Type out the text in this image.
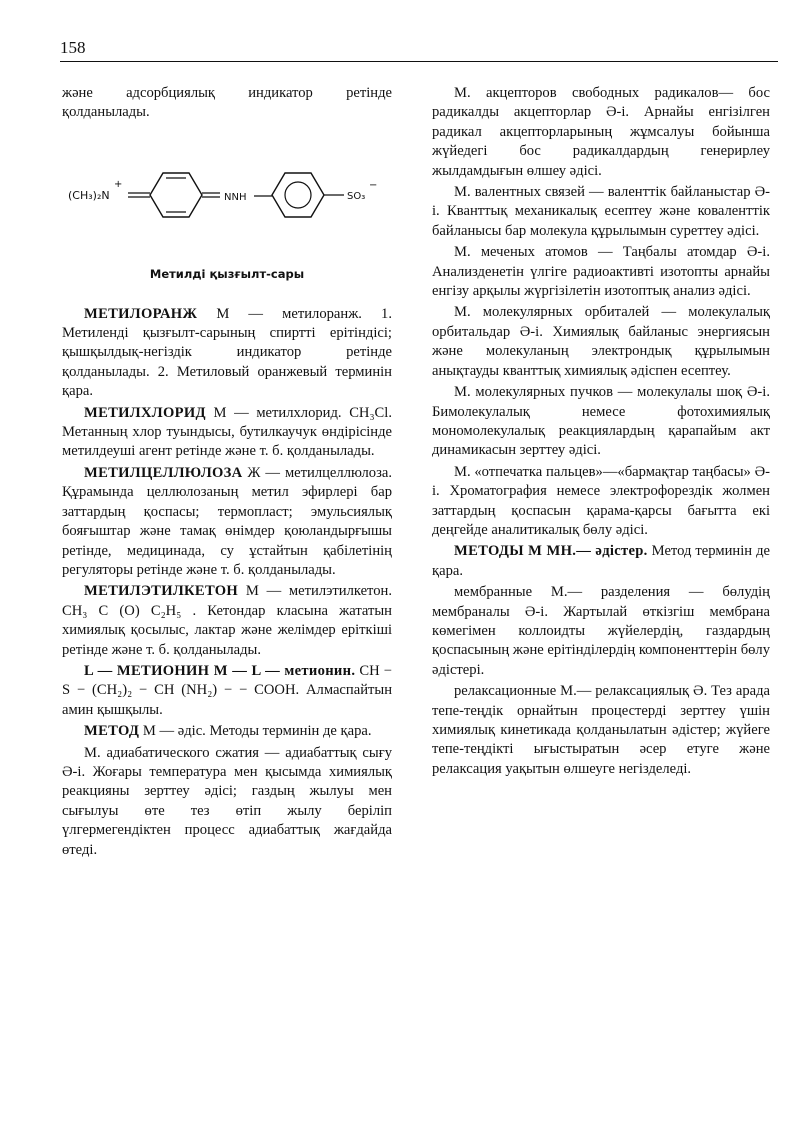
158

және адсорбциялық индикатор ретінде қолданылады.

(CH₃)₂N
+
NNH	SO₃
−
Метилді қызғылт-сары

МЕТИЛОРАНЖ М — метилоранж. 1. Метиленді қызғылт-сарының спиртті ерітіндісі; қышқылдық-негіздік индикатор ретінде қолданылады. 2. Метиловый оранжевый терминін қара.

МЕТИЛХЛОРИД М — метилхлорид. CH₃Cl. Метанның хлор туындысы, бутилкаучук өндірісінде метилдеуші агент ретінде және т. б. қолданылады.

МЕТИЛЦЕЛЛЮЛОЗА Ж — метилцеллюлоза. Құрамында целлюлозаның метил эфирлері бар заттардың қоспасы; термопласт; эмульсиялық бояғыштар және тамақ өнімдер қоюландырғышы ретінде, медицинада, су ұстайтын қабілетінің регуляторы ретінде және т. б. қолданылады.

МЕТИЛЭТИЛКЕТОН М — метилэтилкетон. CH₃ C (O) C₂H₅ . Кетондар класына жататын химиялық қосылыс, лактар және желімдер еріткіші ретінде және т. б. қолданылады.

L — МЕТИОНИН М — L — метионин. CH − S − (CH₂)₂ − CH (NH₂) − − COOH. Алмаспайтын амин қышқылы.

МЕТОД М — әдіс. Методы терминін де қара.

М. адиабатического сжатия — адиабаттық сығу Ә-і. Жоғары температура мен қысымда химиялық реакцияны зерттеу әдісі; газдың жылуы мен сығылуы өте тез өтіп жылу беріліп үлгермегендіктен процесс адиабаттық жағдайда өтеді.

М. акцепторов свободных радикалов— бос радикалды акцепторлар Ә-і. Арнайы енгізілген радикал акцепторларының жұмсалуы бойынша жүйедегі бос радикалдардың генерирлеу жылдамдығын өлшеу әдісі.

М. валентных связей — валенттік байланыстар Ә-і. Кванттық механикалық есептеу және коваленттік байланысы бар молекула құрылымын суреттеу әдісі.

М. меченых атомов — Таңбалы атомдар Ә-і. Анализденетін үлгіге радиоактивті изотопты арнайы енгізу арқылы жүргізілетін изотоптық анализ әдісі.

М. молекулярных орбиталей — молекулалық орбитальдар Ә-і. Химиялық байланыс энергиясын және молекуланың электрондық құрылымын анықтауды кванттық химиялық әдіспен есептеу.

М. молекулярных пучков — молекулалы шоқ Ә-і. Бимолекулалық немесе фотохимиялық мономолекулалық реакциялардың қарапайым акт динамикасын зерттеу әдісі.

М. «отпечатка пальцев»—«бармақтар таңбасы» Ә-і. Хроматография немесе электрофорездік жолмен заттардың қоспасын қарама-қарсы бағытта екі деңгейде аналитикалық бөлу әдісі.

МЕТОДЫ М МН.— әдістер. Метод терминін де қара.

мембранные М.— разделения — бөлудің мембраналы Ә-і. Жартылай өткізгіш мембрана көмегімен коллоидты жүйелердің, газдардың қоспасының және ерітінділердің компоненттерін бөлу әдістері.

релаксационные М.— релаксациялық Ә. Тез арада тепе-теңдік орнайтын процестерді зерттеу үшін химиялық кинетикада қолданылатын әдістер; жүйеге тепе-теңдікті ығыстыратын әсер етуге және релаксация уақытын өлшеуге негізделеді.
